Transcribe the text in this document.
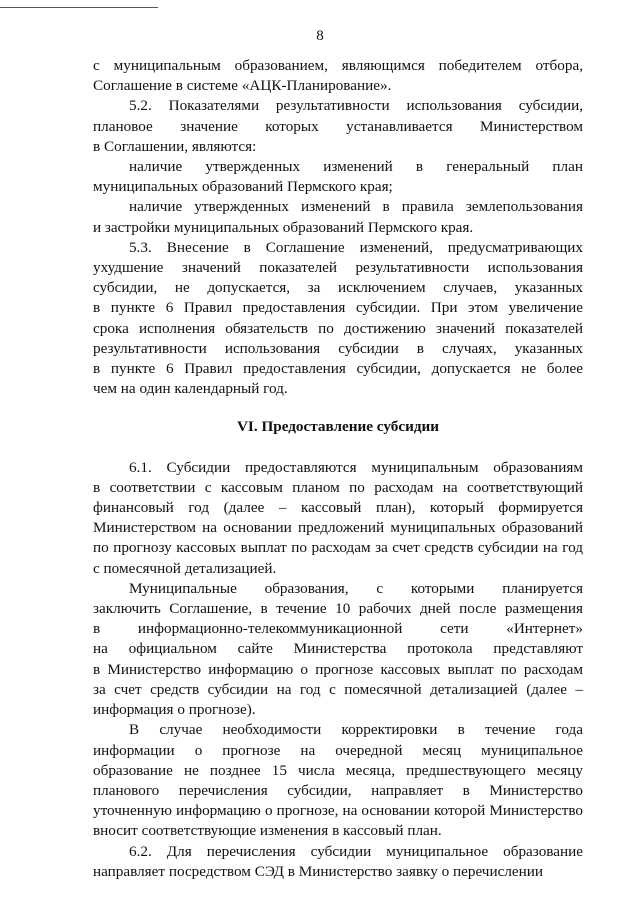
8
с муниципальным образованием, являющимся победителем отбора,
Соглашение в системе «АЦК-Планирование».
5.2. Показателями результативности использования субсидии,
плановое значение которых устанавливается Министерством
в Соглашении, являются:
наличие утвержденных изменений в генеральный план
муниципальных образований Пермского края;
наличие утвержденных изменений в правила землепользования
и застройки муниципальных образований Пермского края.
5.3. Внесение в Соглашение изменений, предусматривающих
ухудшение значений показателей результативности использования
субсидии, не допускается, за исключением случаев, указанных
в пункте 6 Правил предоставления субсидии. При этом увеличение
срока исполнения обязательств по достижению значений показателей
результативности использования субсидии в случаях, указанных
в пункте 6 Правил предоставления субсидии, допускается не более
чем на один календарный год.
VI. Предоставление субсидии
6.1. Субсидии предоставляются муниципальным образованиям
в соответствии с кассовым планом по расходам на соответствующий
финансовый год (далее – кассовый план), который формируется
Министерством на основании предложений муниципальных образований
по прогнозу кассовых выплат по расходам за счет средств субсидии на год
с помесячной детализацией.
Муниципальные образования, с которыми планируется
заключить Соглашение, в течение 10 рабочих дней после размещения
в информационно-телекоммуникационной сети «Интернет»
на официальном сайте Министерства протокола представляют
в Министерство информацию о прогнозе кассовых выплат по расходам
за счет средств субсидии на год с помесячной детализацией (далее –
информация о прогнозе).
В случае необходимости корректировки в течение года
информации о прогнозе на очередной месяц муниципальное
образование не позднее 15 числа месяца, предшествующего месяцу
планового перечисления субсидии, направляет в Министерство
уточненную информацию о прогнозе, на основании которой Министерство
вносит соответствующие изменения в кассовый план.
6.2. Для перечисления субсидии муниципальное образование
направляет посредством СЭД в Министерство заявку о перечислении
